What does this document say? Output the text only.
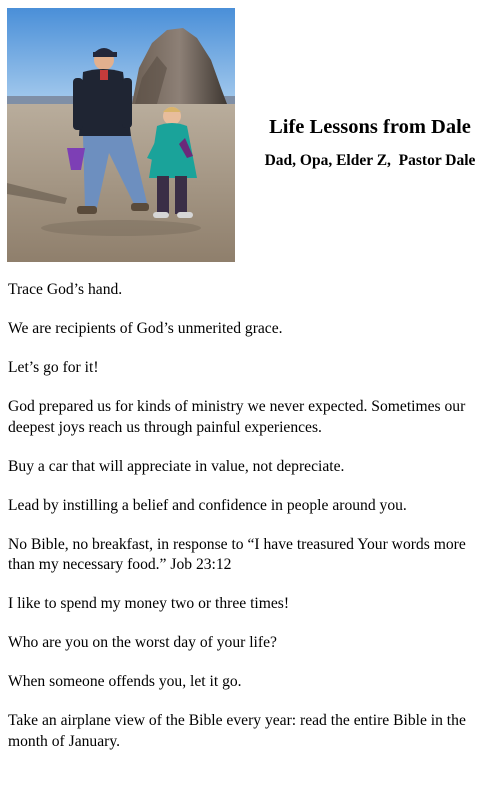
Life Lessons from Dale

Dad, Opa, Elder Z,  Pastor Dale

Trace God’s hand.
We are recipients of God’s unmerited grace.
Let’s go for it!
God prepared us for kinds of ministry we never expected. Sometimes our deepest joys reach us through painful experiences.
Buy a car that will appreciate in value, not depreciate.
Lead by instilling a belief and confidence in people around you.
No Bible, no breakfast, in response to “I have treasured Your words more than my necessary food.” Job 23:12
I like to spend my money two or three times!
Who are you on the worst day of your life?
When someone offends you, let it go.
Take an airplane view of the Bible every year: read the entire Bible in the month of January.
